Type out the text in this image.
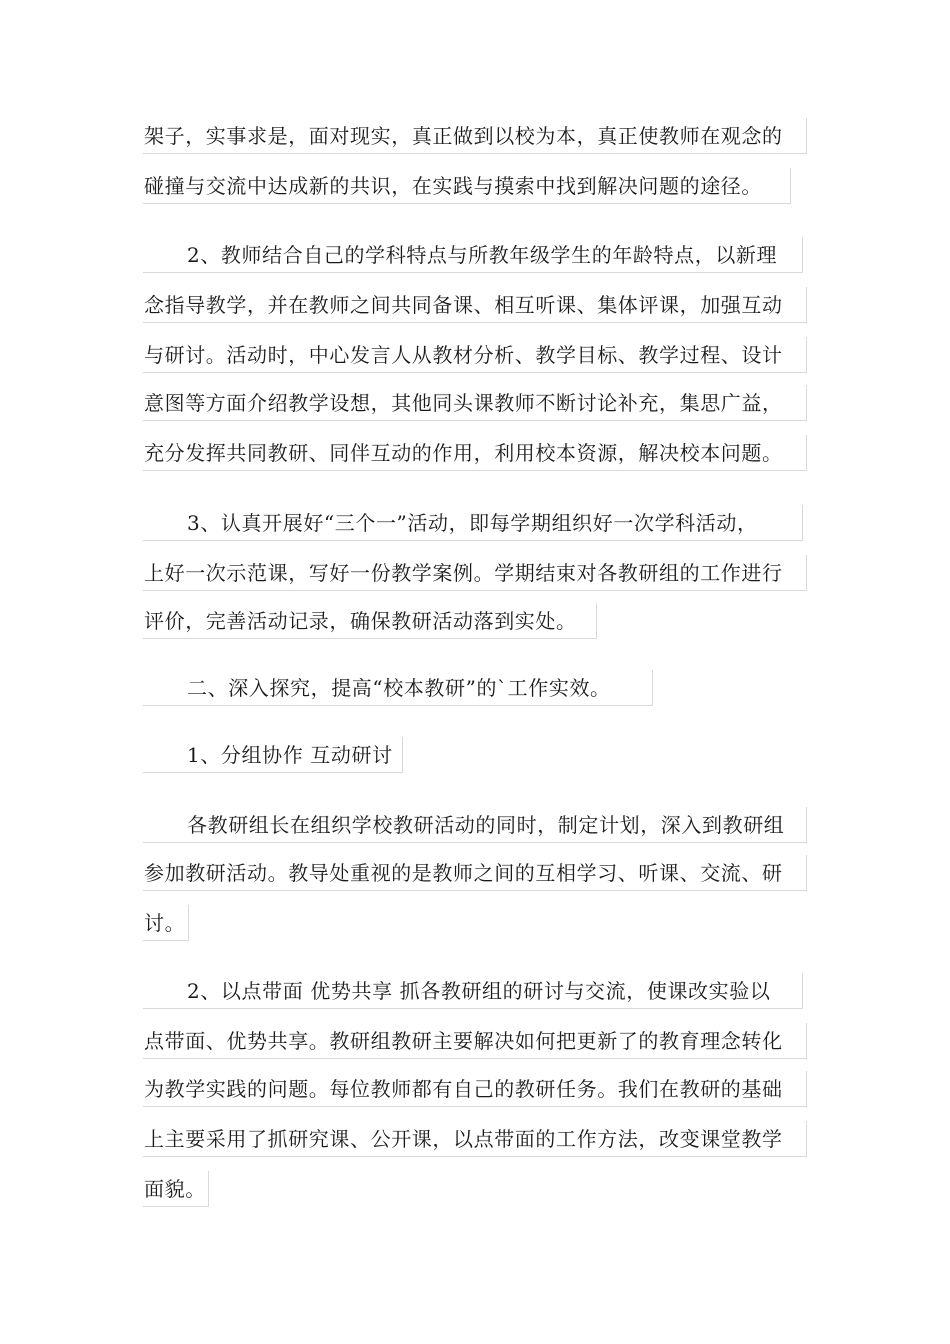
架子，实事求是，面对现实，真正做到以校为本，真正使教师在观念的
碰撞与交流中达成新的共识，在实践与摸索中找到解决问题的途径。
2、教师结合自己的学科特点与所教年级学生的年龄特点，以新理
念指导教学，并在教师之间共同备课、相互听课、集体评课，加强互动
与研讨。活动时，中心发言人从教材分析、教学目标、教学过程、设计
意图等方面介绍教学设想，其他同头课教师不断讨论补充，集思广益，
充分发挥共同教研、同伴互动的作用，利用校本资源，解决校本问题。
3、认真开展好“三个一”活动，即每学期组织好一次学科活动，
上好一次示范课，写好一份教学案例。学期结束对各教研组的工作进行
评价，完善活动记录，确保教研活动落到实处。
二、深入探究，提高“校本教研”的`工作实效。
1、分组协作 互动研讨
各教研组长在组织学校教研活动的同时，制定计划，深入到教研组
参加教研活动。教导处重视的是教师之间的互相学习、听课、交流、研
讨。
2、以点带面 优势共享 抓各教研组的研讨与交流，使课改实验以
点带面、优势共享。教研组教研主要解决如何把更新了的教育理念转化
为教学实践的问题。每位教师都有自己的教研任务。我们在教研的基础
上主要采用了抓研究课、公开课，以点带面的工作方法，改变课堂教学
面貌。
